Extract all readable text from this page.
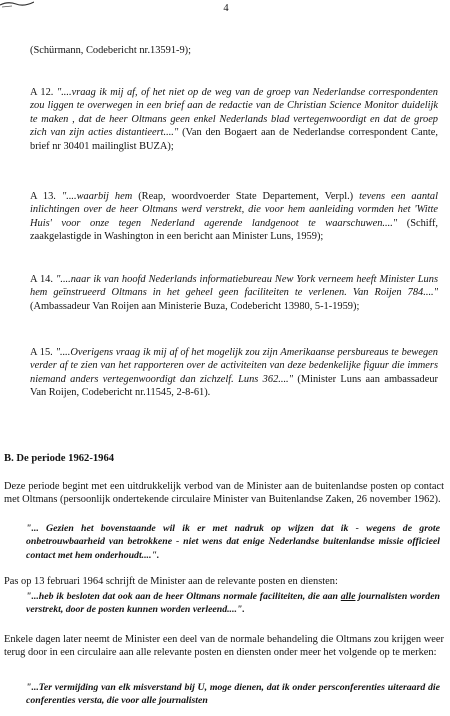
4

(Schürmann, Codebericht nr.13591-9);

A 12. "....vraag ik mij af, of het niet op de weg van de groep van Nederlandse correspondenten zou liggen te overwegen in een brief aan de redactie van de Christian Science Monitor duidelijk te maken , dat de heer Oltmans geen enkel Nederlands blad vertegenwoordigt en dat de groep zich van zijn acties distantieert...." (Van den Bogaert aan de Nederlandse correspondent Cante, brief nr 30401 mailinglist BUZA);

A 13. "....waarbij hem (Reap, woordvoerder State Departement, Verpl.) tevens een aantal inlichtingen over de heer Oltmans werd verstrekt, die voor hem aanleiding vormden het 'Witte Huis' voor onze tegen Nederland agerende landgenoot te waarschuwen...." (Schiff, zaakgelastigde in Washington in een bericht aan Minister Luns, 1959);

A 14. "....naar ik van hoofd Nederlands informatiebureau New York verneem heeft Minister Luns hem geïnstrueerd Oltmans in het geheel geen faciliteiten te verlenen. Van Roijen 784...." (Ambassadeur Van Roijen aan Ministerie Buza, Codebericht 13980, 5-1-1959);

A 15. "....Overigens vraag ik mij af of het mogelijk zou zijn Amerikaanse persbureaus te bewegen verder af te zien van het rapporteren over de activiteiten van deze bedenkelijke figuur die immers niemand anders vertegenwoordigt dan zichzelf. Luns 362...." (Minister Luns aan ambassadeur Van Roijen, Codebericht nr.11545, 2-8-61).

B. De periode 1962-1964

Deze periode begint met een uitdrukkelijk verbod van de Minister aan de buitenlandse posten op contact met Oltmans (persoonlijk ondertekende circulaire Minister van Buitenlandse Zaken, 26 november 1962).

"... Gezien het bovenstaande wil ik er met nadruk op wijzen dat ik - wegens de grote onbetrouwbaarheid van betrokkene - niet wens dat enige Nederlandse buitenlandse missie officieel contact met hem onderhoudt....".

Pas op 13 februari 1964 schrijft de Minister aan de relevante posten en diensten:

"...heb ik besloten dat ook aan de heer Oltmans normale faciliteiten, die aan alle journalisten worden verstrekt, door de posten kunnen worden verleend....".

Enkele dagen later neemt de Minister een deel van de normale behandeling die Oltmans zou krijgen weer terug door in een circulaire aan alle relevante posten en diensten onder meer het volgende op te merken:

"...Ter vermijding van elk misverstand bij U, moge dienen, dat ik onder persconferenties uiteraard die conferenties versta, die voor alle journalisten
